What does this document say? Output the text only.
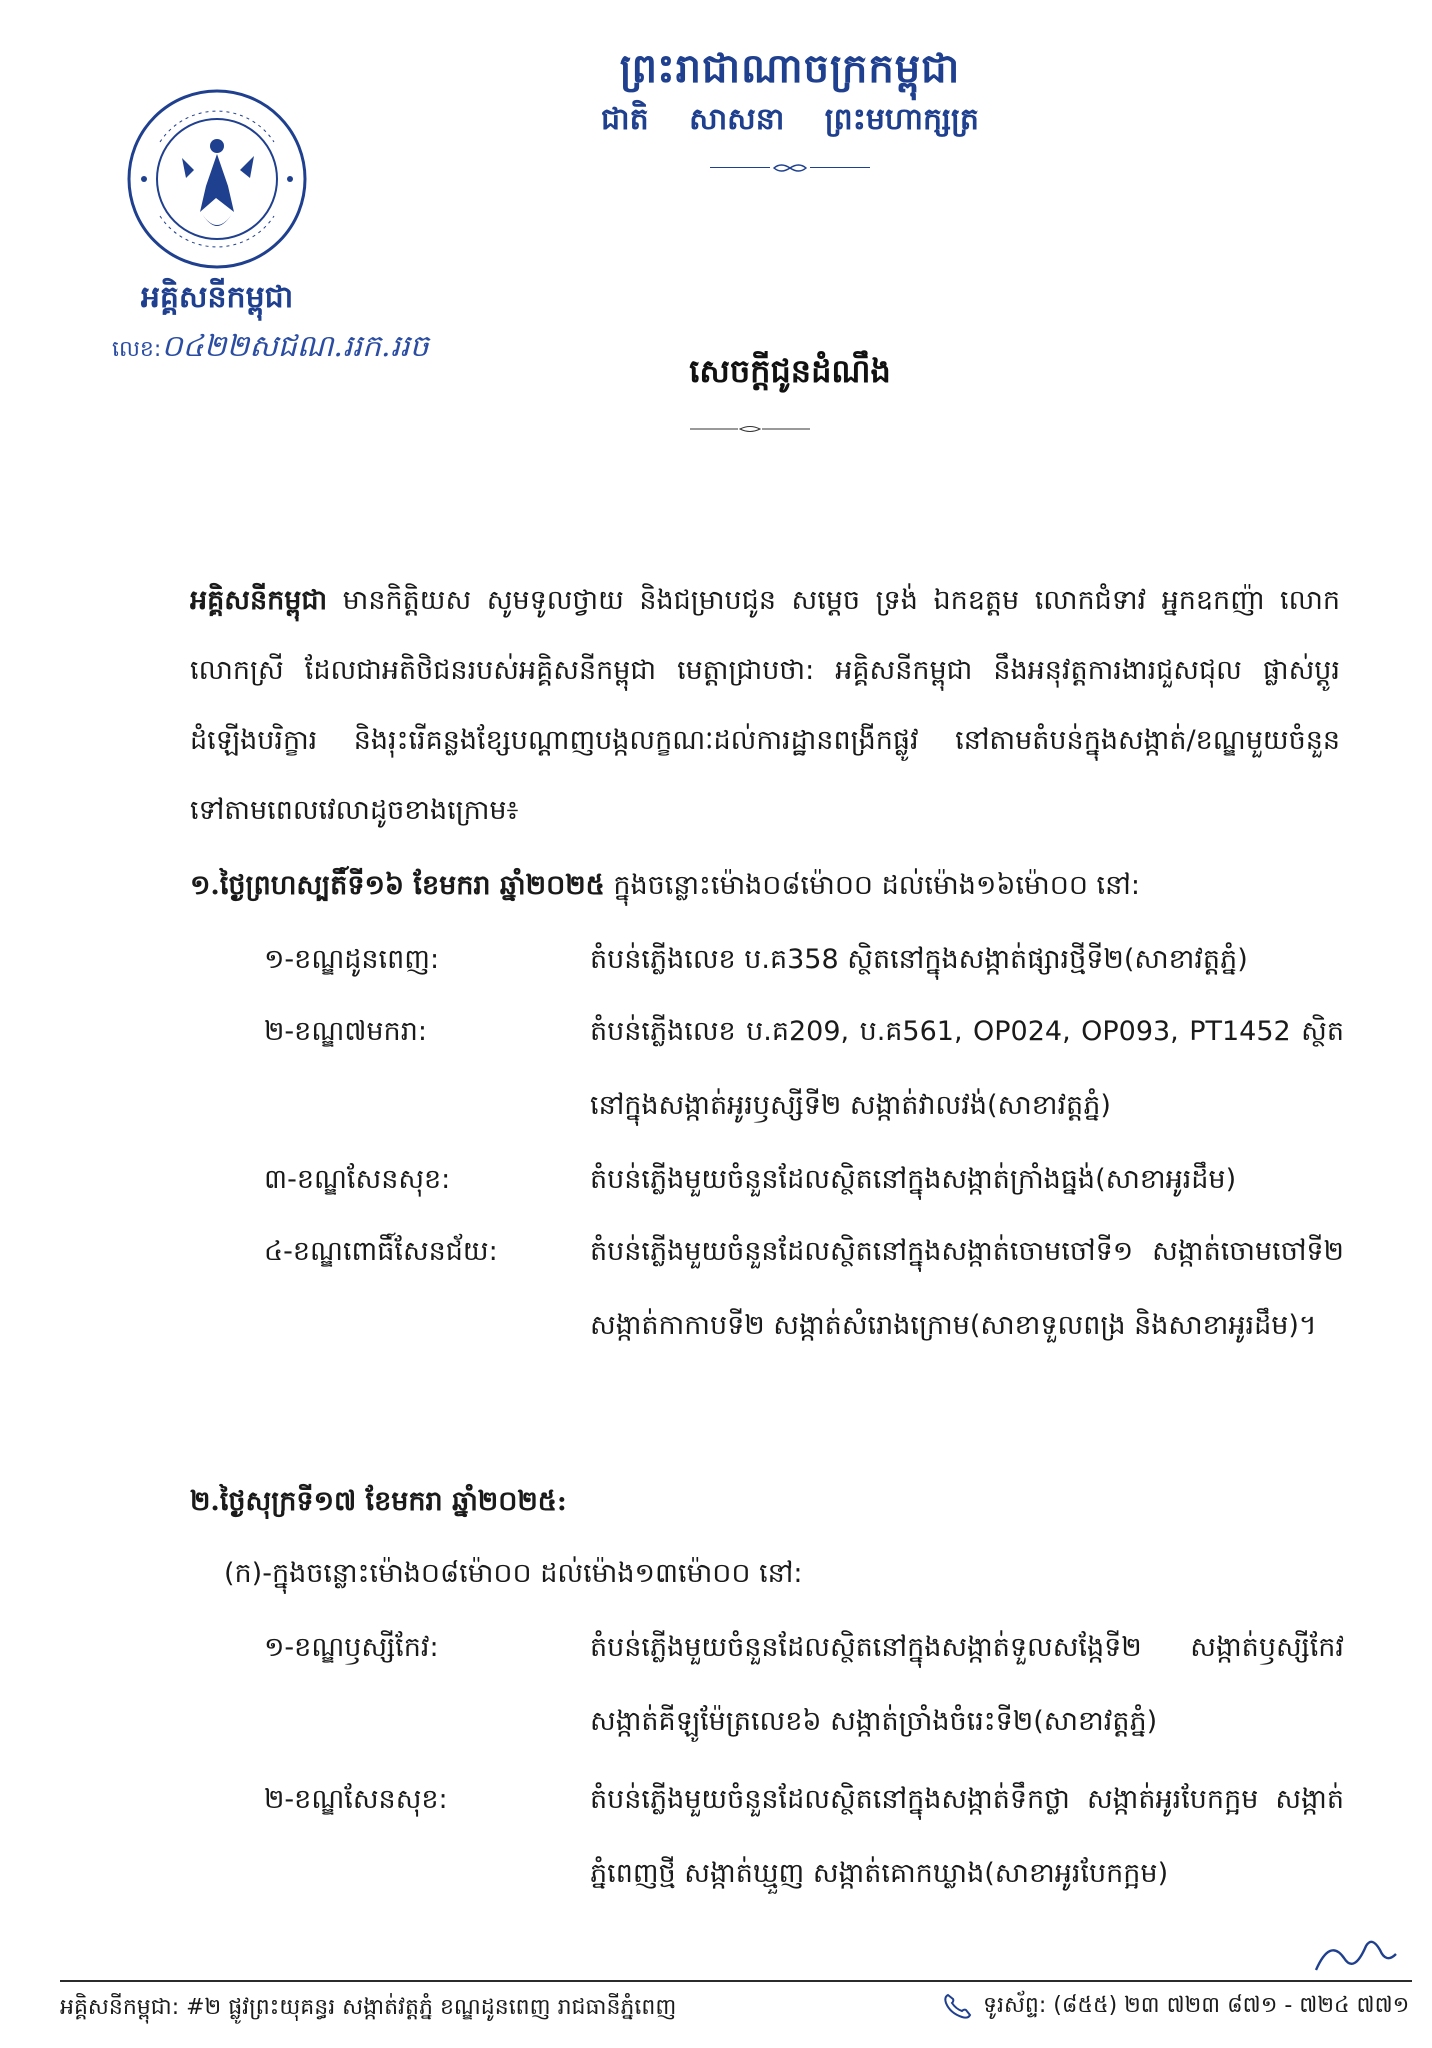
អគ្គិសនីកម្ពុជា
លេខ:០៤២២សជណ.ររក.ររច
ព្រះរាជាណាចក្រកម្ពុជា
ជាតិ សាសនា ព្រះមហាក្សត្រ
សេចក្តីជូនដំណឹង
អគ្គិសនីកម្ពុជា មានកិត្តិយស សូមទូលថ្វាយ និងជម្រាបជូន សម្តេច ទ្រង់ ឯកឧត្តម លោកជំទាវ អ្នកឧកញ៉ា លោក លោកស្រី ដែលជាអតិថិជនរបស់អគ្គិសនីកម្ពុជា មេត្តាជ្រាបថា: អគ្គិសនីកម្ពុជា នឹងអនុវត្តការងារជួសជុល ផ្លាស់ប្តូរដំឡើងបរិក្ខារ និងរុះរើគន្លងខ្សែបណ្តាញបង្កលក្ខណៈដល់ការដ្ឋានពង្រីកផ្លូវ នៅតាមតំបន់ក្នុងសង្កាត់/ខណ្ឌមួយចំនួនទៅតាមពេលវេលាដូចខាងក្រោម៖
១.ថ្ងៃព្រហស្បតិ៍ទី១៦ ខែមករា ឆ្នាំ២០២៥ ក្នុងចន្លោះម៉ោង០៨ម៉ោ០០ ដល់ម៉ោង១៦ម៉ោ០០ នៅ:
១-ខណ្ឌដូនពេញ:	តំបន់ភ្លើងលេខ ប.គ358 ស្ថិតនៅក្នុងសង្កាត់ផ្សារថ្មីទី២(សាខាវត្តភ្នំ)
២-ខណ្ឌ៧មករា:	តំបន់ភ្លើងលេខ ប.គ209, ប.គ561, OP024, OP093, PT1452 ស្ថិតនៅក្នុងសង្កាត់អូរឫស្សីទី២ សង្កាត់វាលវង់(សាខាវត្តភ្នំ)
៣-ខណ្ឌសែនសុខ:	តំបន់ភ្លើងមួយចំនួនដែលស្ថិតនៅក្នុងសង្កាត់ក្រាំងធ្នង់(សាខាអូរដឹម)
៤-ខណ្ឌពោធិ៍សែនជ័យ:	តំបន់ភ្លើងមួយចំនួនដែលស្ថិតនៅក្នុងសង្កាត់ចោមចៅទី១ សង្កាត់ចោមចៅទី២ សង្កាត់កាកាបទី២ សង្កាត់សំរោងក្រោម(សាខាទួលពង្រ និងសាខាអូរដឹម)។
២.ថ្ងៃសុក្រទី១៧ ខែមករា ឆ្នាំ២០២៥:
(ក)-ក្នុងចន្លោះម៉ោង០៨ម៉ោ០០ ដល់ម៉ោង១៣ម៉ោ០០ នៅ:
១-ខណ្ឌឫស្សីកែវ:	តំបន់ភ្លើងមួយចំនួនដែលស្ថិតនៅក្នុងសង្កាត់ទួលសង្កែទី២ សង្កាត់ឫស្សីកែវ សង្កាត់គីឡូម៉ែត្រលេខ៦ សង្កាត់ច្រាំងចំរេះទី២(សាខាវត្តភ្នំ)
២-ខណ្ឌសែនសុខ:	តំបន់ភ្លើងមួយចំនួនដែលស្ថិតនៅក្នុងសង្កាត់ទឹកថ្លា សង្កាត់អូរបែកក្អម សង្កាត់ភ្នំពេញថ្មី សង្កាត់ឃ្មួញ សង្កាត់គោកឃ្លាង(សាខាអូរបែកក្អម)
អគ្គិសនីកម្ពុជា: #២ ផ្លូវព្រះយុគន្ធរ សង្កាត់វត្តភ្នំ ខណ្ឌដូនពេញ រាជធានីភ្នំពេញ	ទូរស័ព្ទ: (៨៥៥) ២៣ ៧២៣ ៨៧១ - ៧២៤ ៧៧១
